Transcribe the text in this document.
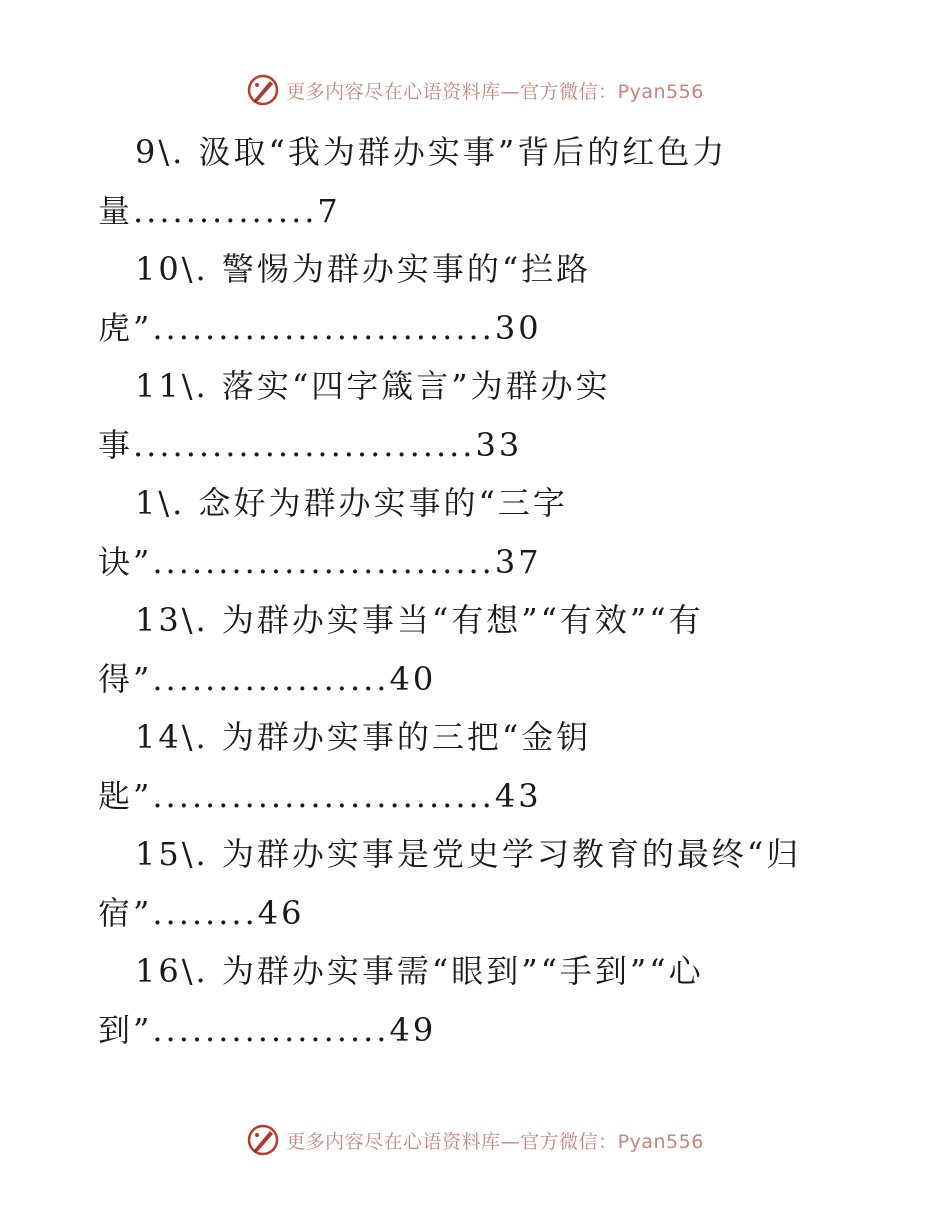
更多内容尽在心语资料库—官方微信：Pyan556
9\. 汲取“我为群办实事”背后的红色力
量..............7
10\. 警惕为群办实事的“拦路
虎”..........................30
11\. 落实“四字箴言”为群办实
事..........................33
1\. 念好为群办实事的“三字
诀”..........................37
13\. 为群办实事当“有想”“有效”“有
得”..................40
14\. 为群办实事的三把“金钥
匙”..........................43
15\. 为群办实事是党史学习教育的最终“归
宿”........46
16\. 为群办实事需“眼到”“手到”“心
到”..................49
更多内容尽在心语资料库—官方微信：Pyan556
